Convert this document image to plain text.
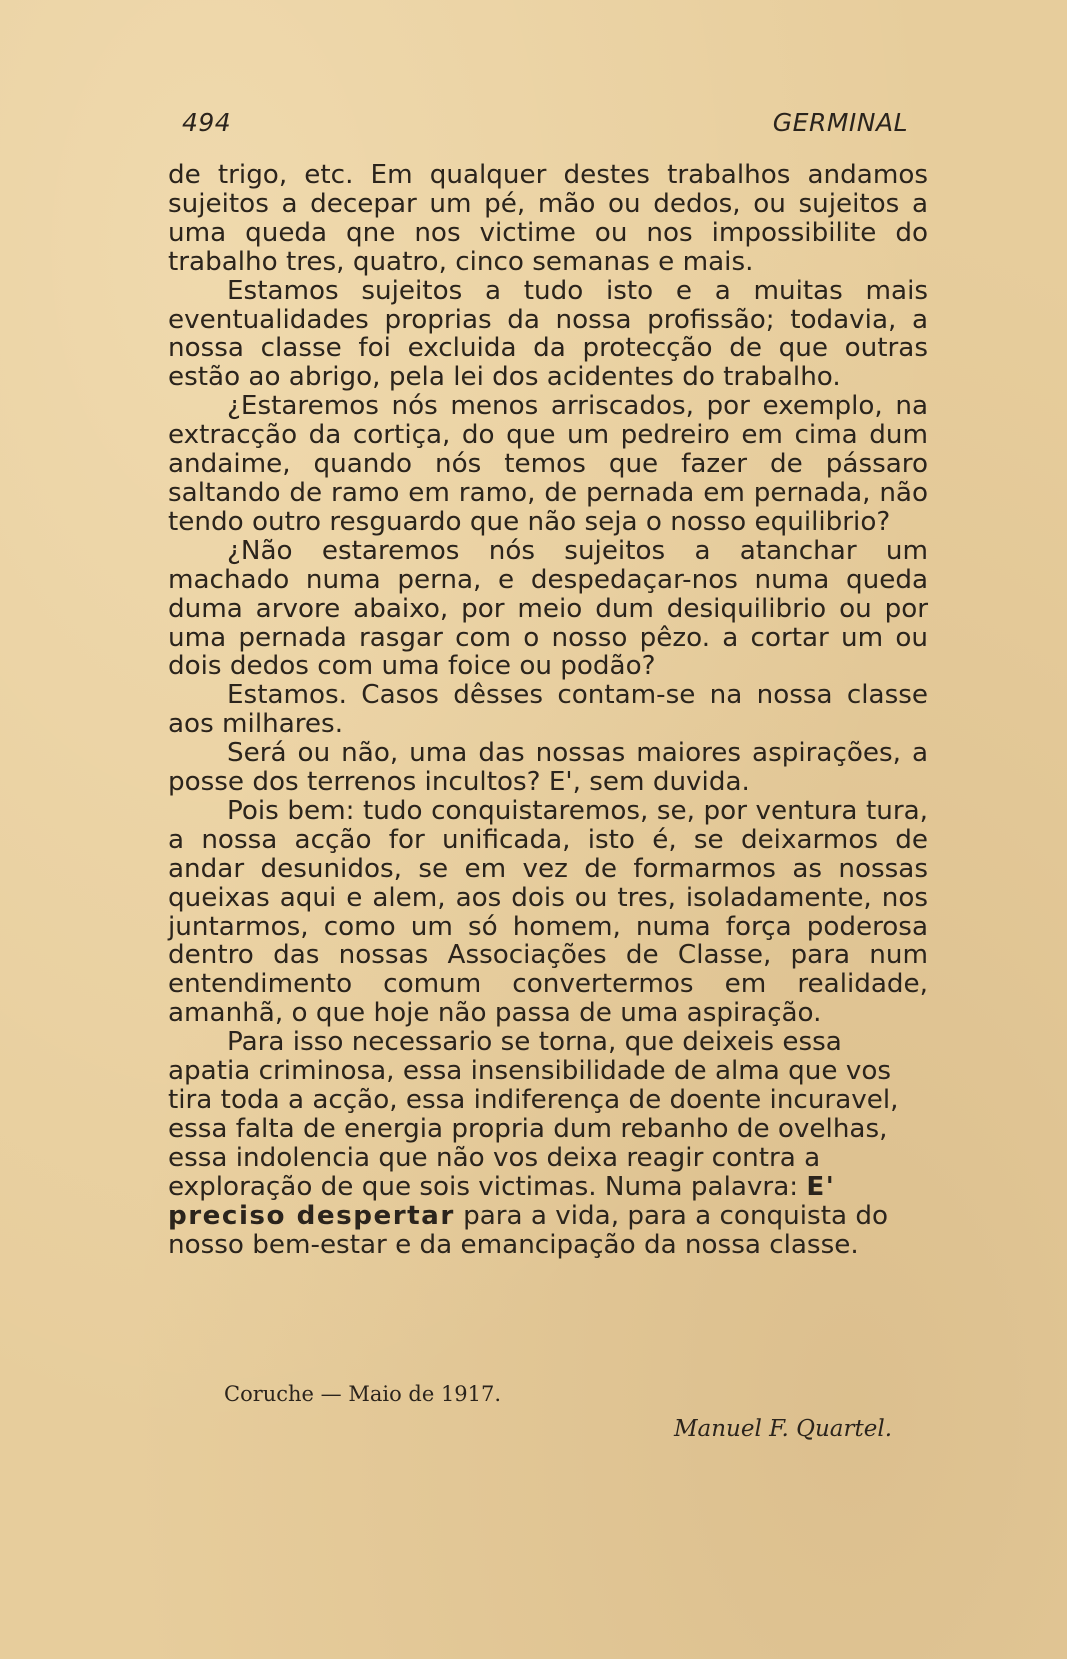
494	GERMINAL

de trigo, etc. Em qualquer destes trabalhos andamos sujeitos a decepar um pé, mão ou dedos, ou sujeitos a uma queda qne nos victime ou nos impossibilite do trabalho tres, quatro, cinco semanas e mais.

Estamos sujeitos a tudo isto e a muitas mais eventualidades proprias da nossa profissão; todavia, a nossa classe foi excluida da protecção de que outras estão ao abrigo, pela lei dos acidentes do trabalho.

¿Estaremos nós menos arriscados, por exemplo, na extracção da cortiça, do que um pedreiro em cima dum andaime, quando nós temos que fazer de pássaro saltando de ramo em ramo, de pernada em pernada, não tendo outro resguardo que não seja o nosso equilibrio?

¿Não estaremos nós sujeitos a atanchar um machado numa perna, e despedaçar-nos numa queda duma arvore abaixo, por meio dum desiquilibrio ou por uma pernada rasgar com o nosso pêzo. a cortar um ou dois dedos com uma foice ou podão?

Estamos. Casos dêsses contam-se na nossa classe aos milhares.

Será ou não, uma das nossas maiores aspirações, a posse dos terrenos incultos? E', sem duvida.

Pois bem: tudo conquistaremos, se, por ventura tura, a nossa acção for unificada, isto é, se deixarmos de andar desunidos, se em vez de formarmos as nossas queixas aqui e alem, aos dois ou tres, isoladamente, nos juntarmos, como um só homem, numa força poderosa dentro das nossas Associações de Classe, para num entendimento comum convertermos em realidade, amanhã, o que hoje não passa de uma aspiração.

Para isso necessario se torna, que deixeis essa apatia criminosa, essa insensibilidade de alma que vos tira toda a acção, essa indiferença de doente incuravel, essa falta de energia propria dum rebanho de ovelhas, essa indolencia que não vos deixa reagir contra a exploração de que sois victimas. Numa palavra: E' preciso despertar para a vida, para a conquista do nosso bem-estar e da emancipação da nossa classe.

Coruche — Maio de 1917.
Manuel F. Quartel.
